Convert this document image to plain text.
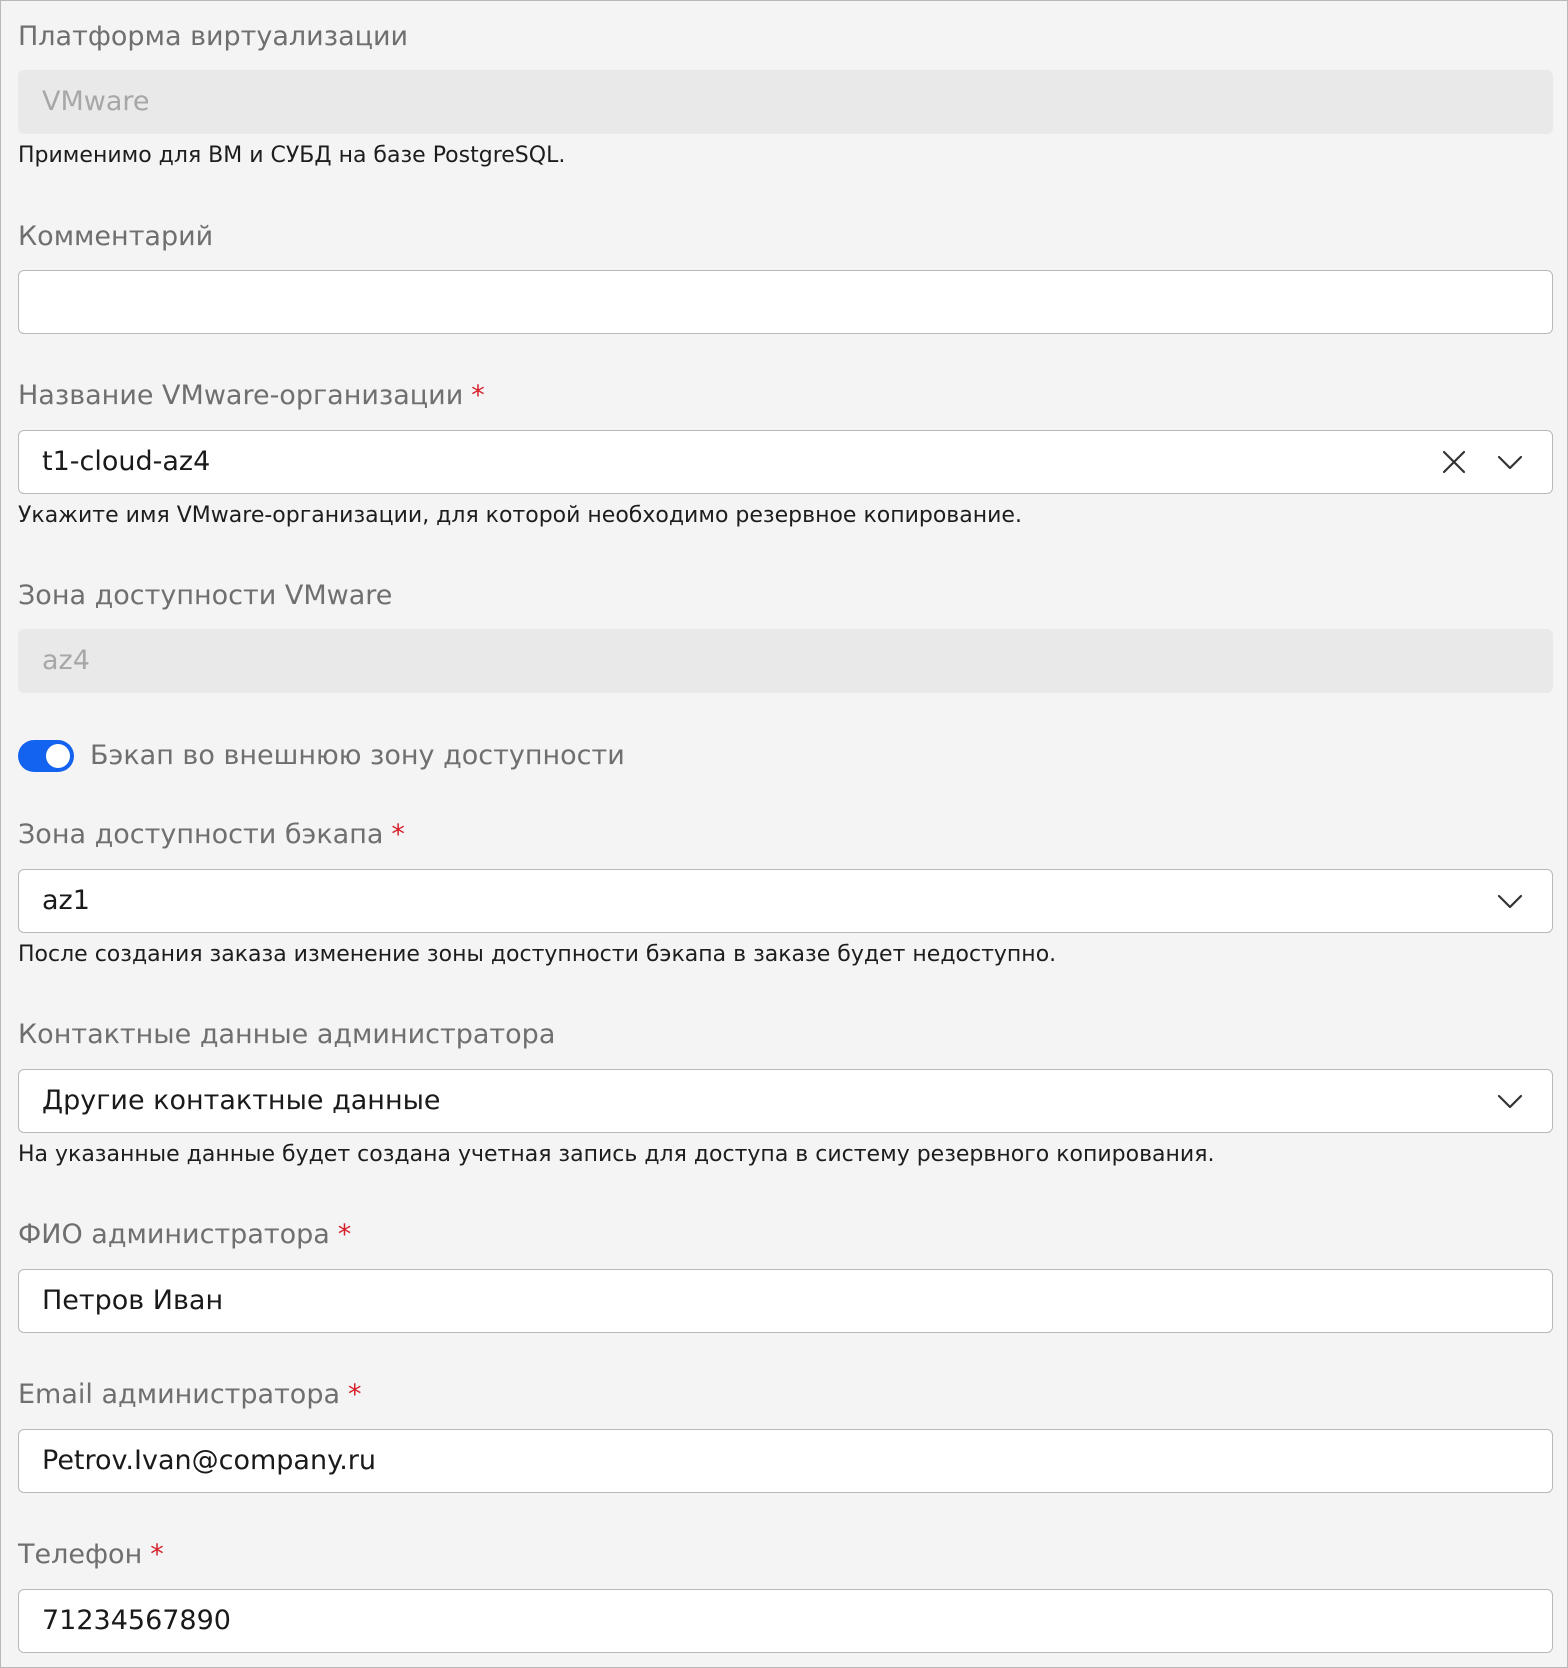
Платформа виртуализации
VMware
Применимо для ВМ и СУБД на базе PostgreSQL.
Комментарий
Название VMware-организации *
t1-cloud-az4
Укажите имя VMware-организации, для которой необходимо резервное копирование.
Зона доступности VMware
az4
Бэкап во внешнюю зону доступности
Зона доступности бэкапа *
az1
После создания заказа изменение зоны доступности бэкапа в заказе будет недоступно.
Контактные данные администратора
Другие контактные данные
На указанные данные будет создана учетная запись для доступа в систему резервного копирования.
ФИО администратора *
Петров Иван
Email администратора *
Petrov.Ivan@company.ru
Телефон *
71234567890
